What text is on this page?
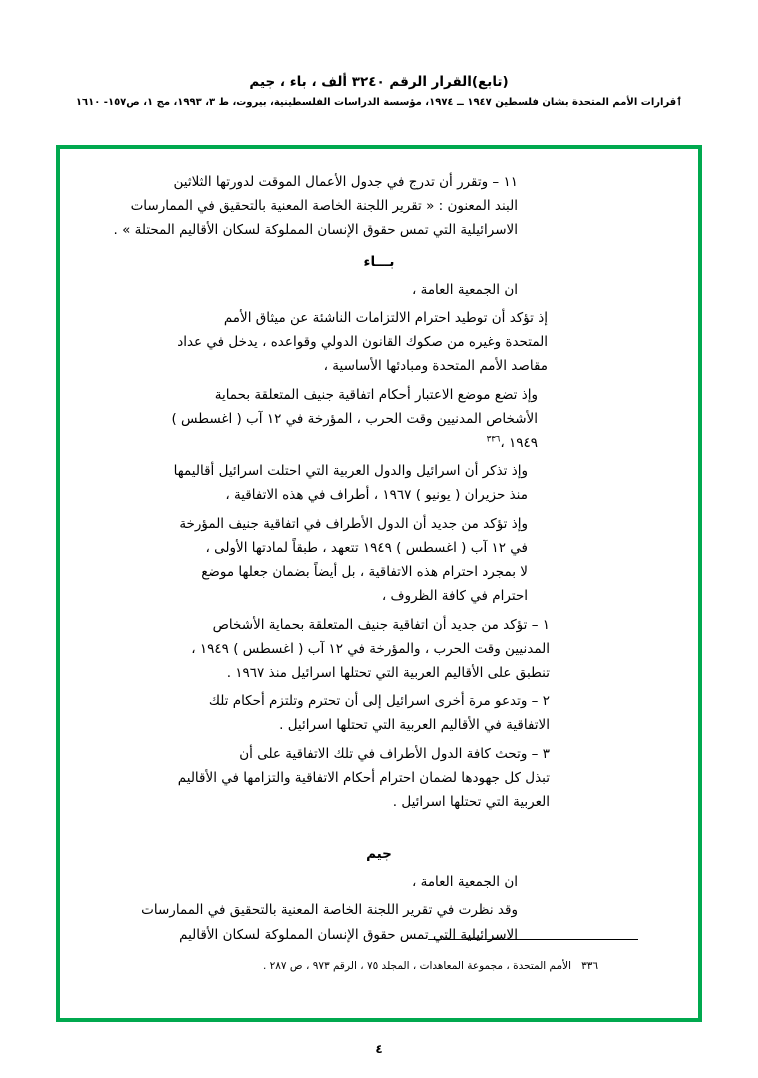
(تابع)القرار الرقم ٣٢٤٠ ألف ، باء ، جيم
ٲقرارات الأمم المتحدة بشان فلسطين ١٩٤٧ ــ ١٩٧٤، مؤسسة الدراسات الفلسطينية، بيروت، ط ٣، ١٩٩٣، مج ١، ص١٥٧- ١٦١٠
١١ – وتقرر أن تدرج في جدول الأعمال الموقت لدورتها الثلاثين
البند المعنون : « تقرير اللجنة الخاصة المعنية بالتحقيق في الممارسات
الاسرائيلية التي تمس حقوق الإنسان المملوكة لسكان الأقاليم المحتلة » .
بـــاء
ان الجمعية العامة ،
إذ تؤكد أن توطيد احترام الالتزامات الناشئة عن ميثاق الأمم
المتحدة وغيره من صكوك القانون الدولي وقواعده ، يدخل في عداد
مقاصد الأمم المتحدة ومبادئها الأساسية ،
وإذ تضع موضع الاعتبار أحكام اتفاقية جنيف المتعلقة بحماية
الأشخاص المدنيين وقت الحرب ، المؤرخة في ١٢ آب ( اغسطس )
١٩٤٩ ،$^{٣٣٦}$
وإذ تذكر أن اسرائيل والدول العربية التي احتلت اسرائيل أقاليمها
منذ حزيران ( يونيو ) ١٩٦٧ ، أطراف في هذه الاتفاقية ،
وإذ تؤكد من جديد أن الدول الأطراف في اتفاقية جنيف المؤرخة
في ١٢ آب ( اغسطس ) ١٩٤٩ تتعهد ، طبقاً لمادتها الأولى ،
لا بمجرد احترام هذه الاتفاقية ، بل أيضاً بضمان جعلها موضع
احترام في كافة الظروف ،
١ – تؤكد من جديد أن اتفاقية جنيف المتعلقة بحماية الأشخاص
المدنيين وقت الحرب ، والمؤرخة في ١٢ آب ( اغسطس ) ١٩٤٩ ،
تنطبق على الأقاليم العربية التي تحتلها اسرائيل منذ ١٩٦٧ .
٢ – وتدعو مرة أخرى اسرائيل إلى أن تحترم وتلتزم أحكام تلك
الاتفاقية في الأقاليم العربية التي تحتلها اسرائيل .
٣ – وتحث كافة الدول الأطراف في تلك الاتفاقية على أن
تبذل كل جهودها لضمان احترام أحكام الاتفاقية والتزامها في الأقاليم
العربية التي تحتلها اسرائيل .
جيم
ان الجمعية العامة ،
وقد نظرت في تقرير اللجنة الخاصة المعنية بالتحقيق في الممارسات
الاسرائيلية التي تمس حقوق الإنسان المملوكة لسكان الأقاليم
٣٣٦الأمم المتحدة ، مجموعة المعاهدات ، المجلد ٧٥ ، الرقم ٩٧٣ ، ص ٢٨٧ .
٤
